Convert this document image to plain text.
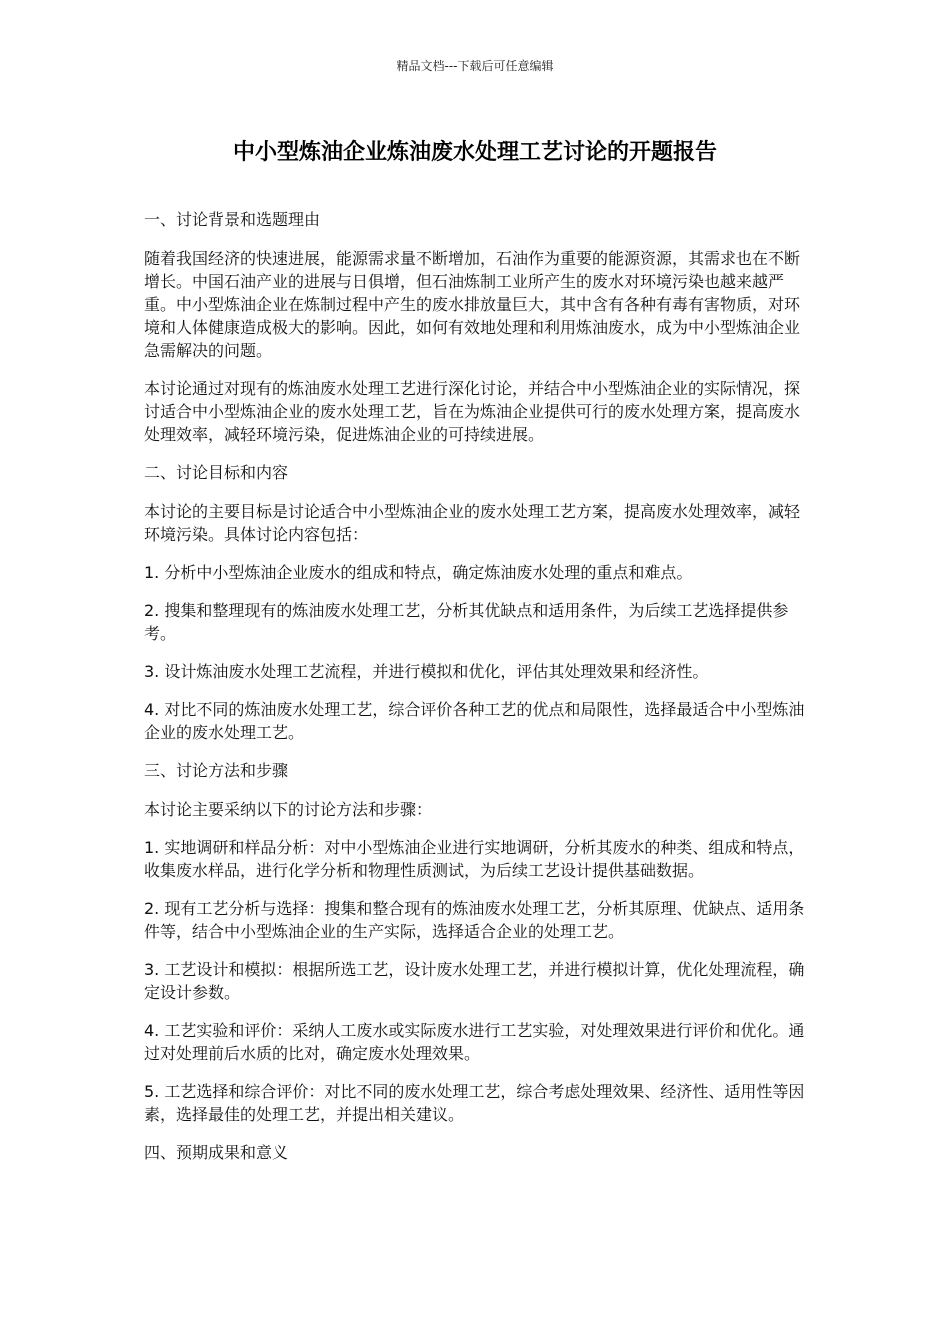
精品文档---下载后可任意编辑
中小型炼油企业炼油废水处理工艺讨论的开题报告

一、讨论背景和选题理由

随着我国经济的快速进展，能源需求量不断增加，石油作为重要的能源资源，其需求也在不断增长。中国石油产业的进展与日俱增，但石油炼制工业所产生的废水对环境污染也越来越严重。中小型炼油企业在炼制过程中产生的废水排放量巨大，其中含有各种有毒有害物质，对环境和人体健康造成极大的影响。因此，如何有效地处理和利用炼油废水，成为中小型炼油企业急需解决的问题。

本讨论通过对现有的炼油废水处理工艺进行深化讨论，并结合中小型炼油企业的实际情况，探讨适合中小型炼油企业的废水处理工艺，旨在为炼油企业提供可行的废水处理方案，提高废水处理效率，减轻环境污染，促进炼油企业的可持续进展。

二、讨论目标和内容

本讨论的主要目标是讨论适合中小型炼油企业的废水处理工艺方案，提高废水处理效率，减轻环境污染。具体讨论内容包括：

1. 分析中小型炼油企业废水的组成和特点，确定炼油废水处理的重点和难点。

2. 搜集和整理现有的炼油废水处理工艺，分析其优缺点和适用条件，为后续工艺选择提供参考。

3. 设计炼油废水处理工艺流程，并进行模拟和优化，评估其处理效果和经济性。

4. 对比不同的炼油废水处理工艺，综合评价各种工艺的优点和局限性，选择最适合中小型炼油企业的废水处理工艺。

三、讨论方法和步骤

本讨论主要采纳以下的讨论方法和步骤：

1. 实地调研和样品分析：对中小型炼油企业进行实地调研，分析其废水的种类、组成和特点，收集废水样品，进行化学分析和物理性质测试，为后续工艺设计提供基础数据。

2. 现有工艺分析与选择：搜集和整合现有的炼油废水处理工艺，分析其原理、优缺点、适用条件等，结合中小型炼油企业的生产实际，选择适合企业的处理工艺。

3. 工艺设计和模拟：根据所选工艺，设计废水处理工艺，并进行模拟计算，优化处理流程，确定设计参数。

4. 工艺实验和评价：采纳人工废水或实际废水进行工艺实验，对处理效果进行评价和优化。通过对处理前后水质的比对，确定废水处理效果。

5. 工艺选择和综合评价：对比不同的废水处理工艺，综合考虑处理效果、经济性、适用性等因素，选择最佳的处理工艺，并提出相关建议。

四、预期成果和意义
